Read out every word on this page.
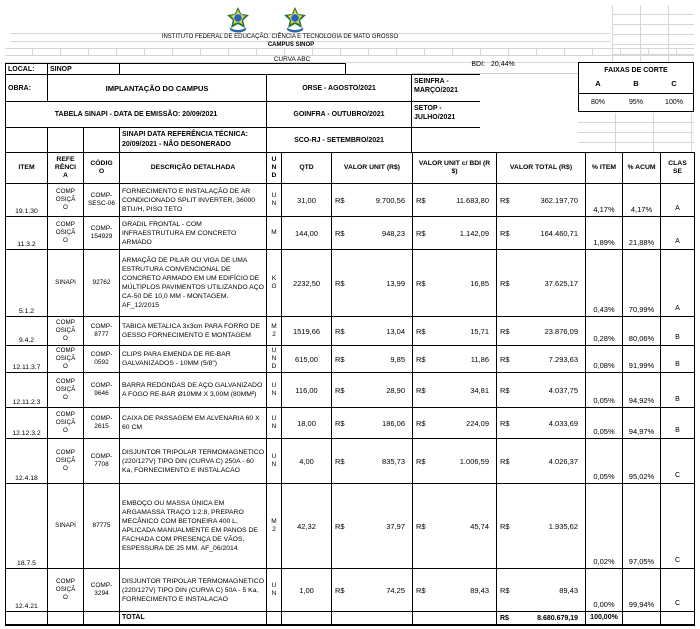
INSTITUTO FEDERAL DE EDUCAÇÃO, CIÊNCIA E TECNOLOGIA DE MATO GROSSO
CAMPUS SINOP
CURVA ABC
BDI: 20,44%
FAIXAS DE CORTE
A	B	C
80%	95%	100%
LOCAL:	SINOP
OBRA:	IMPLANTAÇÃO DO CAMPUS	ORSE - AGOSTO/2021
SEINFRA - MARÇO/2021
TABELA SINAPI - DATA DE EMISSÃO: 20/09/2021	GOINFRA - OUTUBRO/2021
SETOP - JULHO/2021
SINAPI DATA REFERÊNCIA TÉCNICA: 20/09/2021 - NÃO DESONERADO
SCO-RJ - SETEMBRO/2021
ITEM	REFERÊNCIA	CÓDIGO	DESCRIÇÃO DETALHADA	UND	QTD	VALOR UNIT (R$)	VALOR UNIT c/ BDI (R$)	VALOR TOTAL (R$)	% ITEM	% ACUM	CLASSE
19.1.30	COMPOSIÇÃO	COMP-SESC-06	FORNECIMENTO E INSTALAÇÃO DE AR CONDICIONADO SPLIT INVERTER, 36000 BTU/H, PISO TETO	UN	31,00	R$ 9.700,56	R$ 11.683,80	R$ 362.197,70	4,17%	4,17%	A
11.3.2	COMPOSIÇÃO	COMP-154929	GRADIL FRONTAL - COM INFRAESTRUTURA EM CONCRETO ARMADO	M	144,00	R$ 948,23	R$ 1.142,09	R$ 164.460,71	1,89%	21,88%	A
5.1.2	SINAPI	92762	ARMAÇÃO DE PILAR OU VIGA DE UMA ESTRUTURA CONVENCIONAL DE CONCRETO ARMADO EM UM EDIFÍCIO DE MÚLTIPLOS PAVIMENTOS UTILIZANDO AÇO CA-50 DE 10,0 MM - MONTAGEM. AF_12/2015	KG	2232,50	R$ 13,99	R$ 16,85	R$ 37.625,17	0,43%	70,99%	A
9.4.2	COMPOSIÇÃO	COMP-8777	TABICA METALICA 3x3cm PARA FORRO DE GESSO FORNECIMENTO E MONTAGEM	M2	1519,66	R$ 13,04	R$ 15,71	R$ 23.876,09	0,28%	80,06%	B
12.11.3.7	COMPOSIÇÃO	COMP-0592	CLIPS PARA EMENDA DE RE-BAR GALVANIZADOS - 10MM (5/8")	UND	615,00	R$ 9,85	R$ 11,86	R$ 7.293,63	0,08%	91,99%	B
12.11.2.3	COMPOSIÇÃO	COMP-9646	BARRA REDONDAS DE AÇO GALVANIZADO A FOGO RE-BAR Ø10MM X 3,00M (80MM²)	UN	116,00	R$ 28,90	R$ 34,81	R$ 4.037,75	0,05%	94,92%	B
12.12.3.2	COMPOSIÇÃO	COMP-2615	CAIXA DE PASSAGEM EM ALVENARIA 60 X 60 CM	UN	18,00	R$ 186,06	R$ 224,09	R$ 4.033,69	0,05%	94,97%	B
12.4.18	COMPOSIÇÃO	COMP-7708	DISJUNTOR TRIPOLAR TERMOMAGNETICO (220/127V) TIPO DIN (CURVA C) 250A - 60 Ka, FORNECIMENTO E INSTALACAO	UN	4,00	R$ 835,73	R$ 1.006,59	R$ 4.026,37	0,05%	95,02%	C
18.7.5	SINAPI	87775	EMBOÇO OU MASSA ÚNICA EM ARGAMASSA TRAÇO 1:2:8, PREPARO MECÂNICO COM BETONEIRA 400 L, APLICADA MANUALMENTE EM PANOS DE FACHADA COM PRESENÇA DE VÃOS, ESPESSURA DE 25 MM. AF_06/2014	M2	42,32	R$ 37,97	R$ 45,74	R$ 1.935,62	0,02%	97,05%	C
12.4.21	COMPOSIÇÃO	COMP-3294	DISJUNTOR TRIPOLAR TERMOMAGNETICO (220/127V) TIPO DIN (CURVA C) 50A - 5 Ka, FORNECIMENTO E INSTALACAO	UN	1,00	R$ 74,25	R$ 89,43	R$ 89,43	0,00%	99,94%	C
			TOTAL					R$ 8.680.679,19	100,00%		
